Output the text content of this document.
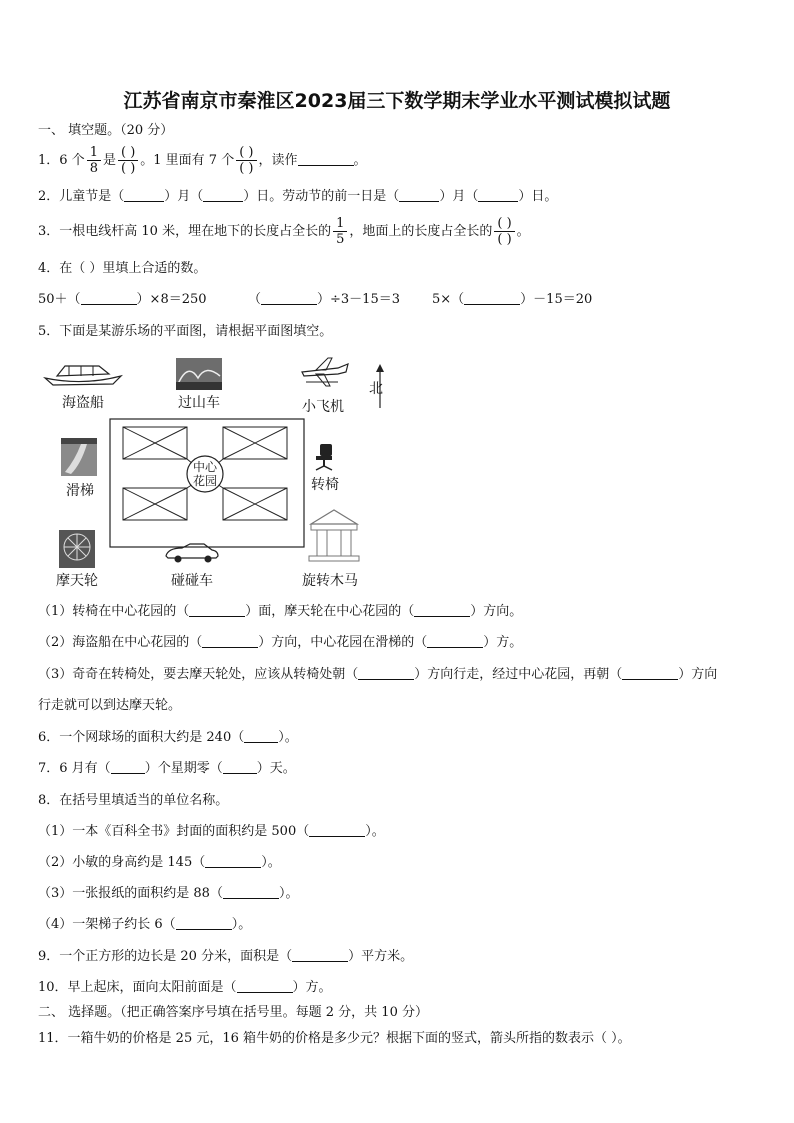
江苏省南京市秦淮区2023届三下数学期末学业水平测试模拟试题
一、 填空题。（20 分）
1．6 个 $\frac{1}{8}$ 是 $\frac{( )}{( )}$ 。1 里面有 7 个 $\frac{( )}{( )}$ ，读作	。
2．儿童节是（	）月（	）日。劳动节的前一日是（	）月（	）日。
3．一根电线杆高 10 米，埋在地下的长度占全长的 $\frac{1}{5}$ ，地面上的长度占全长的 $\frac{( )}{( )}$ 。
4．在（ ）里填上合适的数。
50＋（	）×8＝250	（	）÷3－15＝3 5×（	）－15＝20
5．下面是某游乐场的平面图，请根据平面图填空。
海盗船	过山车	小飞机
北
滑梯
中心
花园	转椅
摩天轮	碰碰车	旋转木马
（1）转椅在中心花园的（	）面，摩天轮在中心花园的（	）方向。
（2）海盗船在中心花园的（	）方向，中心花园在滑梯的（	）方。
（3）奇奇在转椅处，要去摩天轮处，应该从转椅处朝（	）方向行走，经过中心花园，再朝（	）方向
行走就可以到达摩天轮。
6．一个网球场的面积大约是 240（	）。
7．6 月有（	）个星期零（	）天。
8．在括号里填适当的单位名称。
（1）一本《百科全书》封面的面积约是 500（	）。
（2）小敏的身高约是 145（	）。
（3）一张报纸的面积约是 88（	）。
（4）一架梯子约长 6（	）。
9．一个正方形的边长是 20 分米，面积是（	）平方米。
10．早上起床，面向太阳前面是（	）方。
二、 选择题。（把正确答案序号填在括号里。每题 2 分，共 10 分）
11．一箱牛奶的价格是 25 元，16 箱牛奶的价格是多少元？根据下面的竖式，箭头所指的数表示（ ）。
